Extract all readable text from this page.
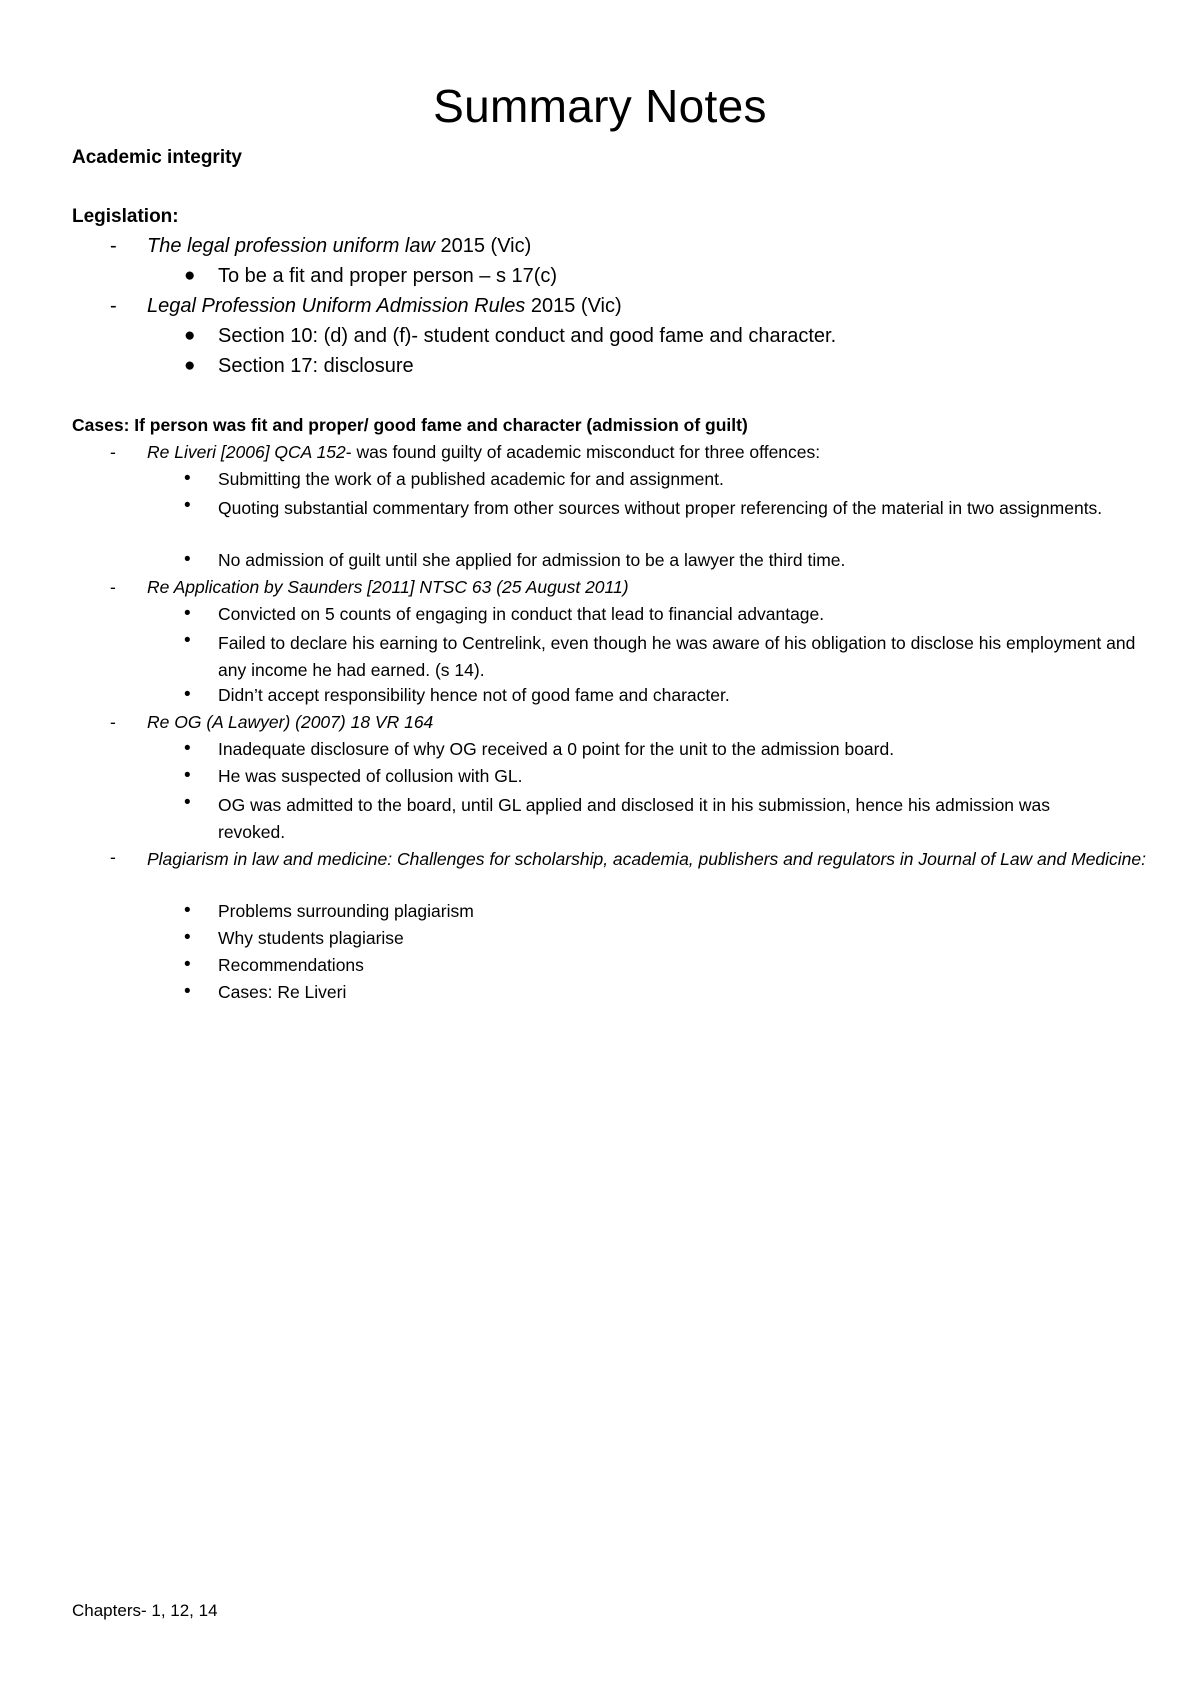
Summary Notes
Academic integrity
Legislation:
- The legal profession uniform law 2015 (Vic)
● To be a fit and proper person – s 17(c)
- Legal Profession Uniform Admission Rules 2015 (Vic)
● Section 10: (d) and (f)- student conduct and good fame and character.
● Section 17: disclosure
Cases: If person was fit and proper/ good fame and character (admission of guilt)
- Re Liveri [2006] QCA 152- was found guilty of academic misconduct for three offences:
• Submitting the work of a published academic for and assignment.
• Quoting substantial commentary from other sources without proper referencing of the material in two assignments.
• No admission of guilt until she applied for admission to be a lawyer the third time.
- Re Application by Saunders [2011] NTSC 63 (25 August 2011)
• Convicted on 5 counts of engaging in conduct that lead to financial advantage.
• Failed to declare his earning to Centrelink, even though he was aware of his obligation to disclose his employment and any income he had earned. (s 14).
• Didn’t accept responsibility hence not of good fame and character.
- Re OG (A Lawyer) (2007) 18 VR 164
• Inadequate disclosure of why OG received a 0 point for the unit to the admission board.
• He was suspected of collusion with GL.
• OG was admitted to the board, until GL applied and disclosed it in his submission, hence his admission was revoked.
- Plagiarism in law and medicine: Challenges for scholarship, academia, publishers and regulators in Journal of Law and Medicine:
• Problems surrounding plagiarism
• Why students plagiarise
• Recommendations
• Cases: Re Liveri
Chapters- 1, 12, 14
